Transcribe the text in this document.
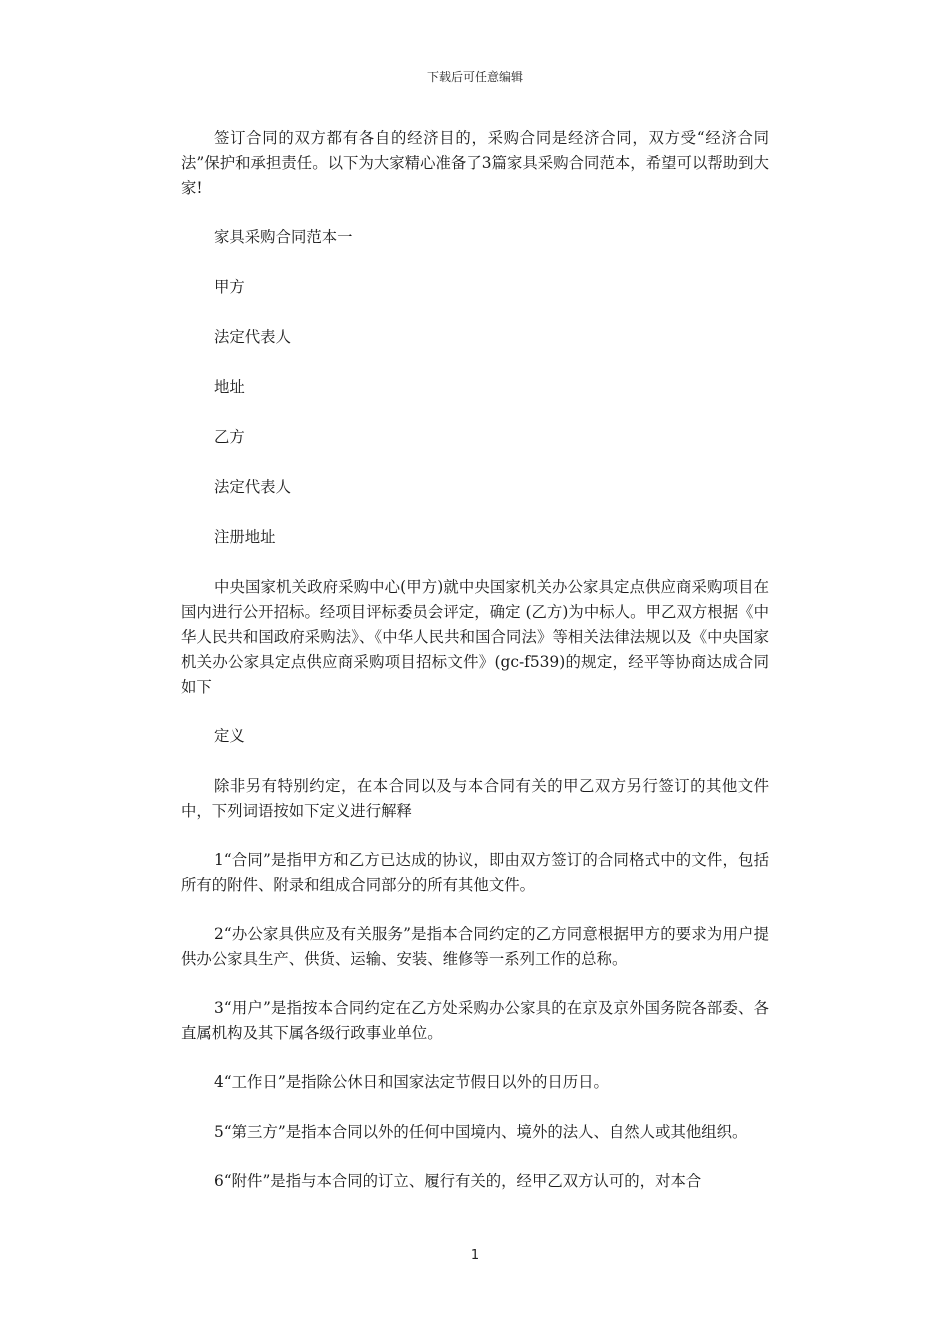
下载后可任意编辑

签订合同的双方都有各自的经济目的，采购合同是经济合同，双方受“经济合同法”保护和承担责任。以下为大家精心准备了3篇家具采购合同范本，希望可以帮助到大家!

家具采购合同范本一

甲方

法定代表人

地址

乙方

法定代表人

注册地址

中央国家机关政府采购中心(甲方)就中央国家机关办公家具定点供应商采购项目在国内进行公开招标。经项目评标委员会评定，确定 (乙方)为中标人。甲乙双方根据《中华人民共和国政府采购法》、《中华人民共和国合同法》等相关法律法规以及《中央国家机关办公家具定点供应商采购项目招标文件》(gc-f539)的规定，经平等协商达成合同如下

定义

除非另有特别约定，在本合同以及与本合同有关的甲乙双方另行签订的其他文件中，下列词语按如下定义进行解释

1“合同”是指甲方和乙方已达成的协议，即由双方签订的合同格式中的文件，包括所有的附件、附录和组成合同部分的所有其他文件。

2“办公家具供应及有关服务”是指本合同约定的乙方同意根据甲方的要求为用户提供办公家具生产、供货、运输、安装、维修等一系列工作的总称。

3“用户”是指按本合同约定在乙方处采购办公家具的在京及京外国务院各部委、各直属机构及其下属各级行政事业单位。

4“工作日”是指除公休日和国家法定节假日以外的日历日。

5“第三方”是指本合同以外的任何中国境内、境外的法人、自然人或其他组织。

6“附件”是指与本合同的订立、履行有关的，经甲乙双方认可的，对本合

1
